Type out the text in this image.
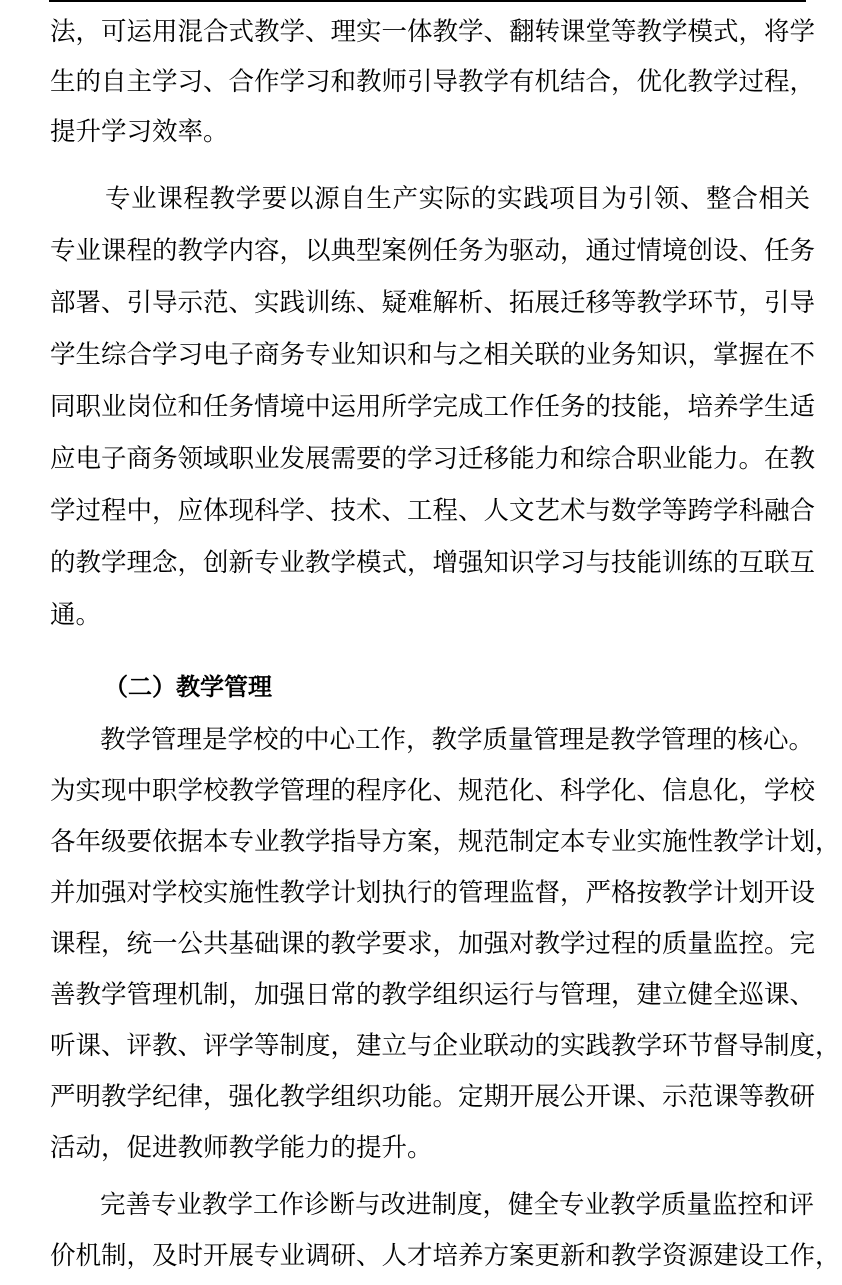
法，可运用混合式教学、理实一体教学、翻转课堂等教学模式，将学
生的自主学习、合作学习和教师引导教学有机结合，优化教学过程，
提升学习效率。
专业课程教学要以源自生产实际的实践项目为引领、整合相关
专业课程的教学内容，以典型案例任务为驱动，通过情境创设、任务
部署、引导示范、实践训练、疑难解析、拓展迁移等教学环节，引导
学生综合学习电子商务专业知识和与之相关联的业务知识，掌握在不
同职业岗位和任务情境中运用所学完成工作任务的技能，培养学生适
应电子商务领域职业发展需要的学习迁移能力和综合职业能力。在教
学过程中，应体现科学、技术、工程、人文艺术与数学等跨学科融合
的教学理念，创新专业教学模式，增强知识学习与技能训练的互联互
通。
（二）教学管理
教学管理是学校的中心工作，教学质量管理是教学管理的核心。
为实现中职学校教学管理的程序化、规范化、科学化、信息化，学校
各年级要依据本专业教学指导方案，规范制定本专业实施性教学计划，
并加强对学校实施性教学计划执行的管理监督，严格按教学计划开设
课程，统一公共基础课的教学要求，加强对教学过程的质量监控。完
善教学管理机制，加强日常的教学组织运行与管理，建立健全巡课、
听课、评教、评学等制度，建立与企业联动的实践教学环节督导制度，
严明教学纪律，强化教学组织功能。定期开展公开课、示范课等教研
活动，促进教师教学能力的提升。
完善专业教学工作诊断与改进制度，健全专业教学质量监控和评
价机制，及时开展专业调研、人才培养方案更新和教学资源建设工作，
